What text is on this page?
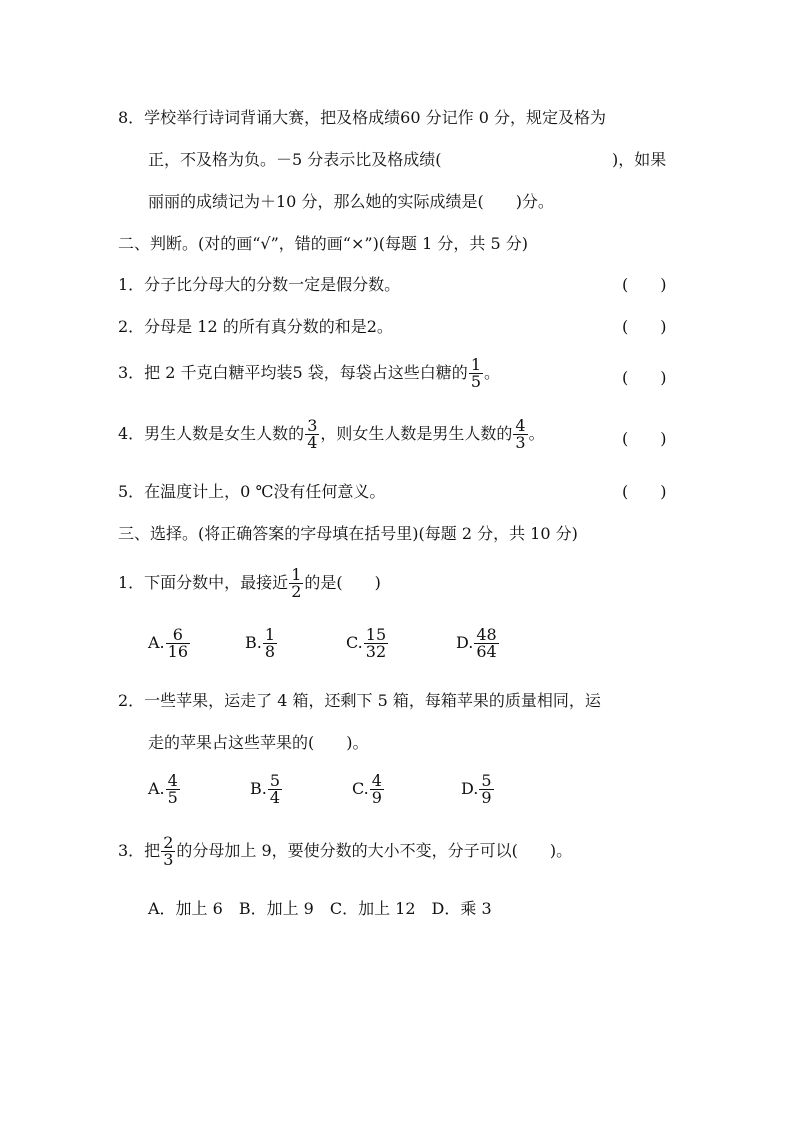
8．学校举行诗词背诵大赛，把及格成绩60 分记作 0 分，规定及格为
正，不及格为负。－5 分表示比及格成绩(	)，如果
丽丽的成绩记为＋10 分，那么她的实际成绩是(　　)分。
二、判断。(对的画“√”，错的画“×”)(每题 1 分，共 5 分)
1．分子比分母大的分数一定是假分数。	(　　)
2．分母是 12 的所有真分数的和是2。	(　　)
3．把 2 千克白糖平均装5 袋，每袋占这些白糖的 $\frac{1}{5}$ 。	(　　)
4．男生人数是女生人数的 $\frac{3}{4}$ ，则女生人数是男生人数的 $\frac{4}{3}$ 。	(　　)
5．在温度计上，0 ℃没有任何意义。	(　　)
三、选择。(将正确答案的字母填在括号里)(每题 2 分，共 10 分)
1．下面分数中，最接近 $\frac{1}{2}$ 的是(　　)
A. $\frac{6}{16}$	B. $\frac{1}{8}$	C. $\frac{15}{32}$	D. $\frac{48}{64}$
2．一些苹果，运走了 4 箱，还剩下 5 箱，每箱苹果的质量相同，运
走的苹果占这些苹果的(　　)。
A. $\frac{4}{5}$	B. $\frac{5}{4}$	C. $\frac{4}{9}$	D. $\frac{5}{9}$
3．把 $\frac{2}{3}$ 的分母加上 9，要使分数的大小不变，分子可以(　　)。
A．加上 6　B．加上 9　C．加上 12　D．乘 3
